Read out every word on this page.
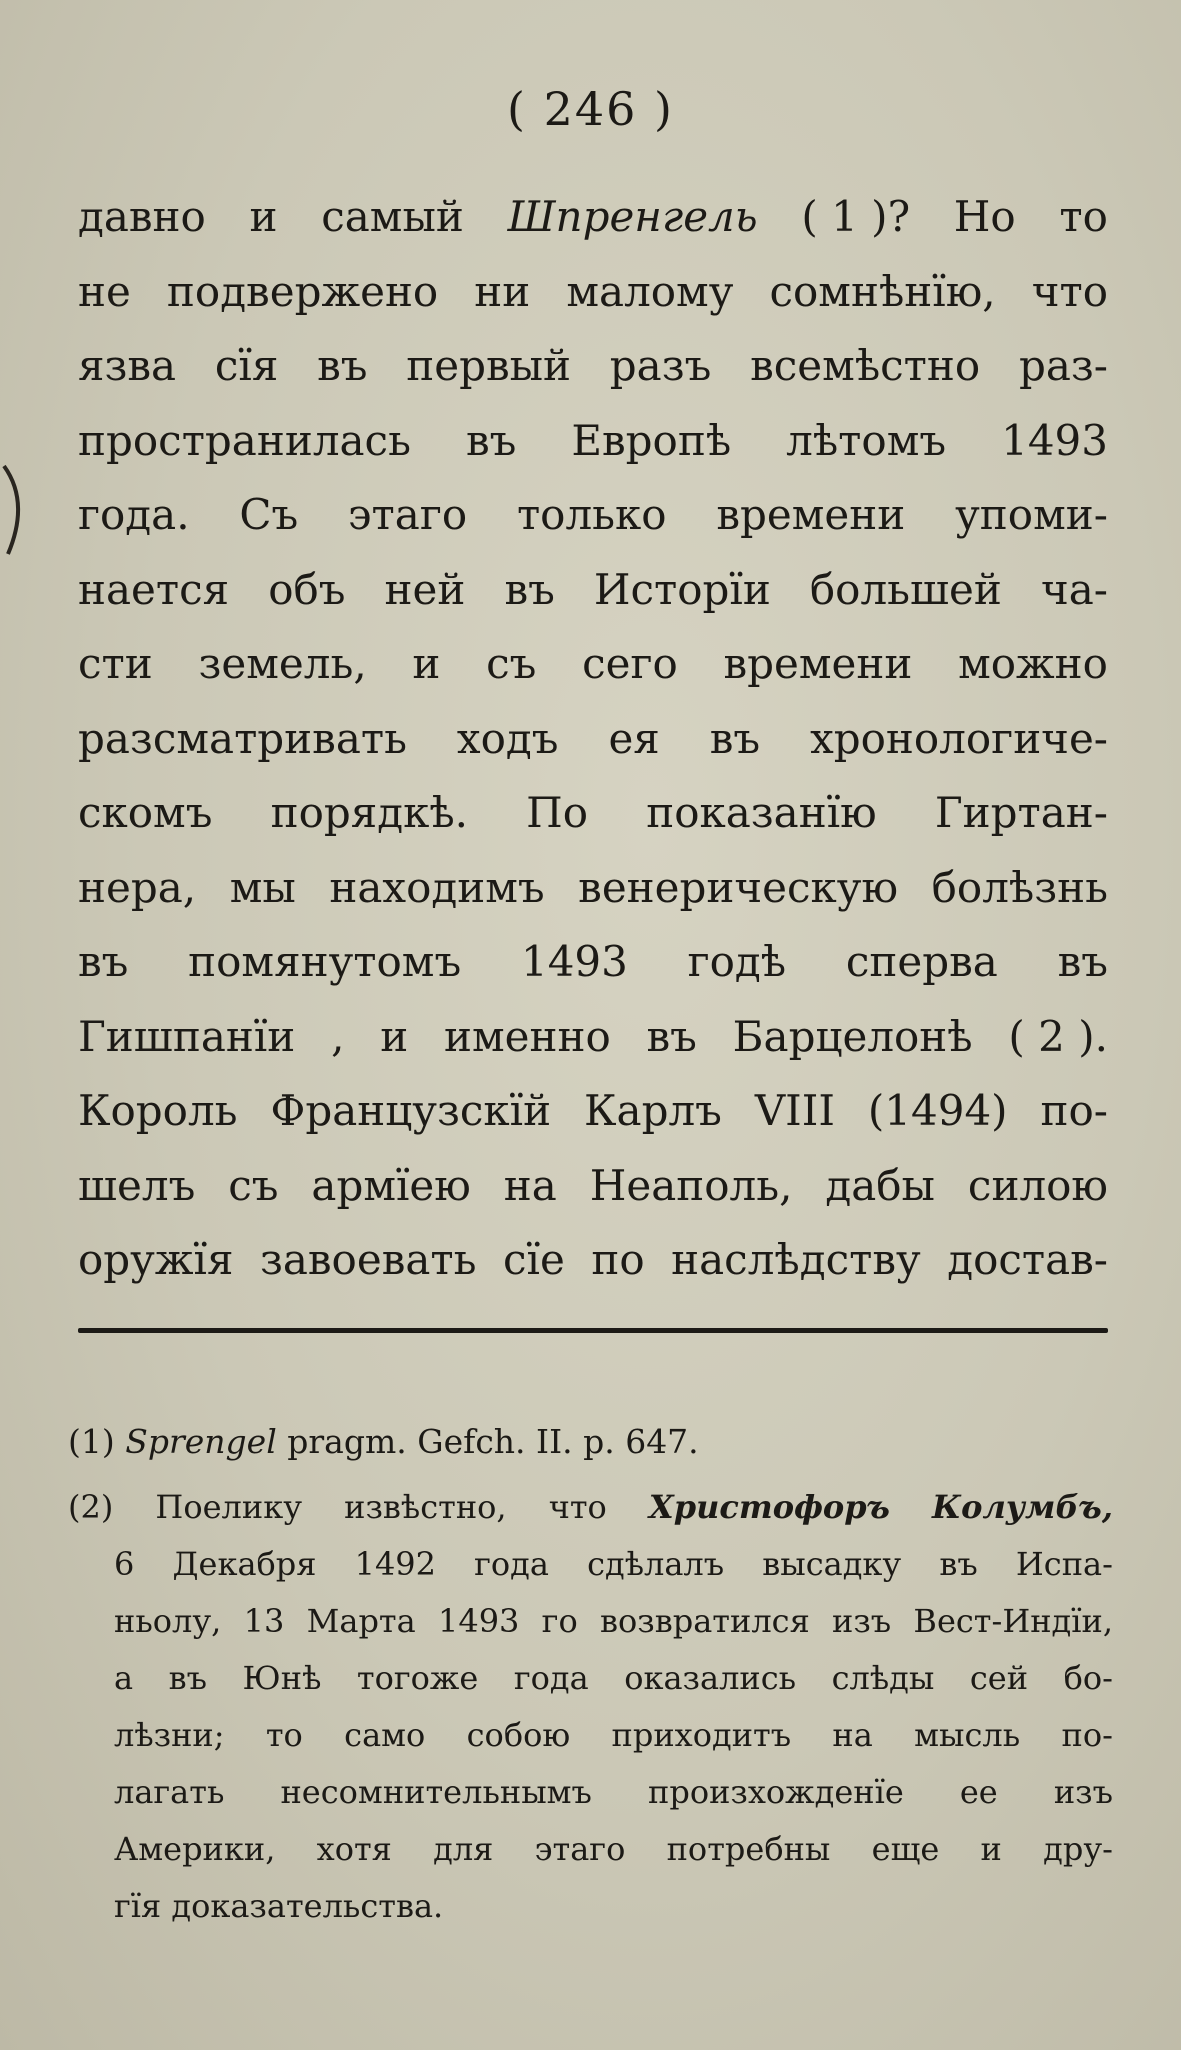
( 246 )
давно и самый Шпренгель ( 1 )? Но то
не подвержено ни малому сомнѣнїю, что
язва сїя въ первый разъ всемѣстно раз-
пространилась въ Европѣ лѣтомъ 1493
года. Съ этаго только времени упоми-
нается объ ней въ Исторїи большей ча-
сти земель, и съ сего времени можно
разсматривать ходъ ея въ хронологиче-
скомъ порядкѣ. По показанїю Гиртан-
нера, мы находимъ венерическую болѣзнь
въ помянутомъ 1493 годѣ сперва въ
Гишпанїи , и именно въ Барцелонѣ ( 2 ).
Король Французскїй Карлъ VIII (1494) по-
шелъ съ армїею на Неаполь, дабы силою
оружїя завоевать сїе по наслѣдству достав-
(1) Sprengel pragm. Gefch. II. p. 647.
(2) Поелику извѣстно, что Христофоръ Колумбъ,
6 Декабря 1492 года сдѣлалъ высадку въ Испа-
ньолу, 13 Марта 1493 го возвратился изъ Вест-Индїи,
а въ Юнѣ тогоже года оказались слѣды сей бо-
лѣзни; то само собою приходитъ на мысль по-
лагать несомнительнымъ произхожденїе ее изъ
Америки, хотя для этаго потребны еще и дру-
гїя
доказательства.
